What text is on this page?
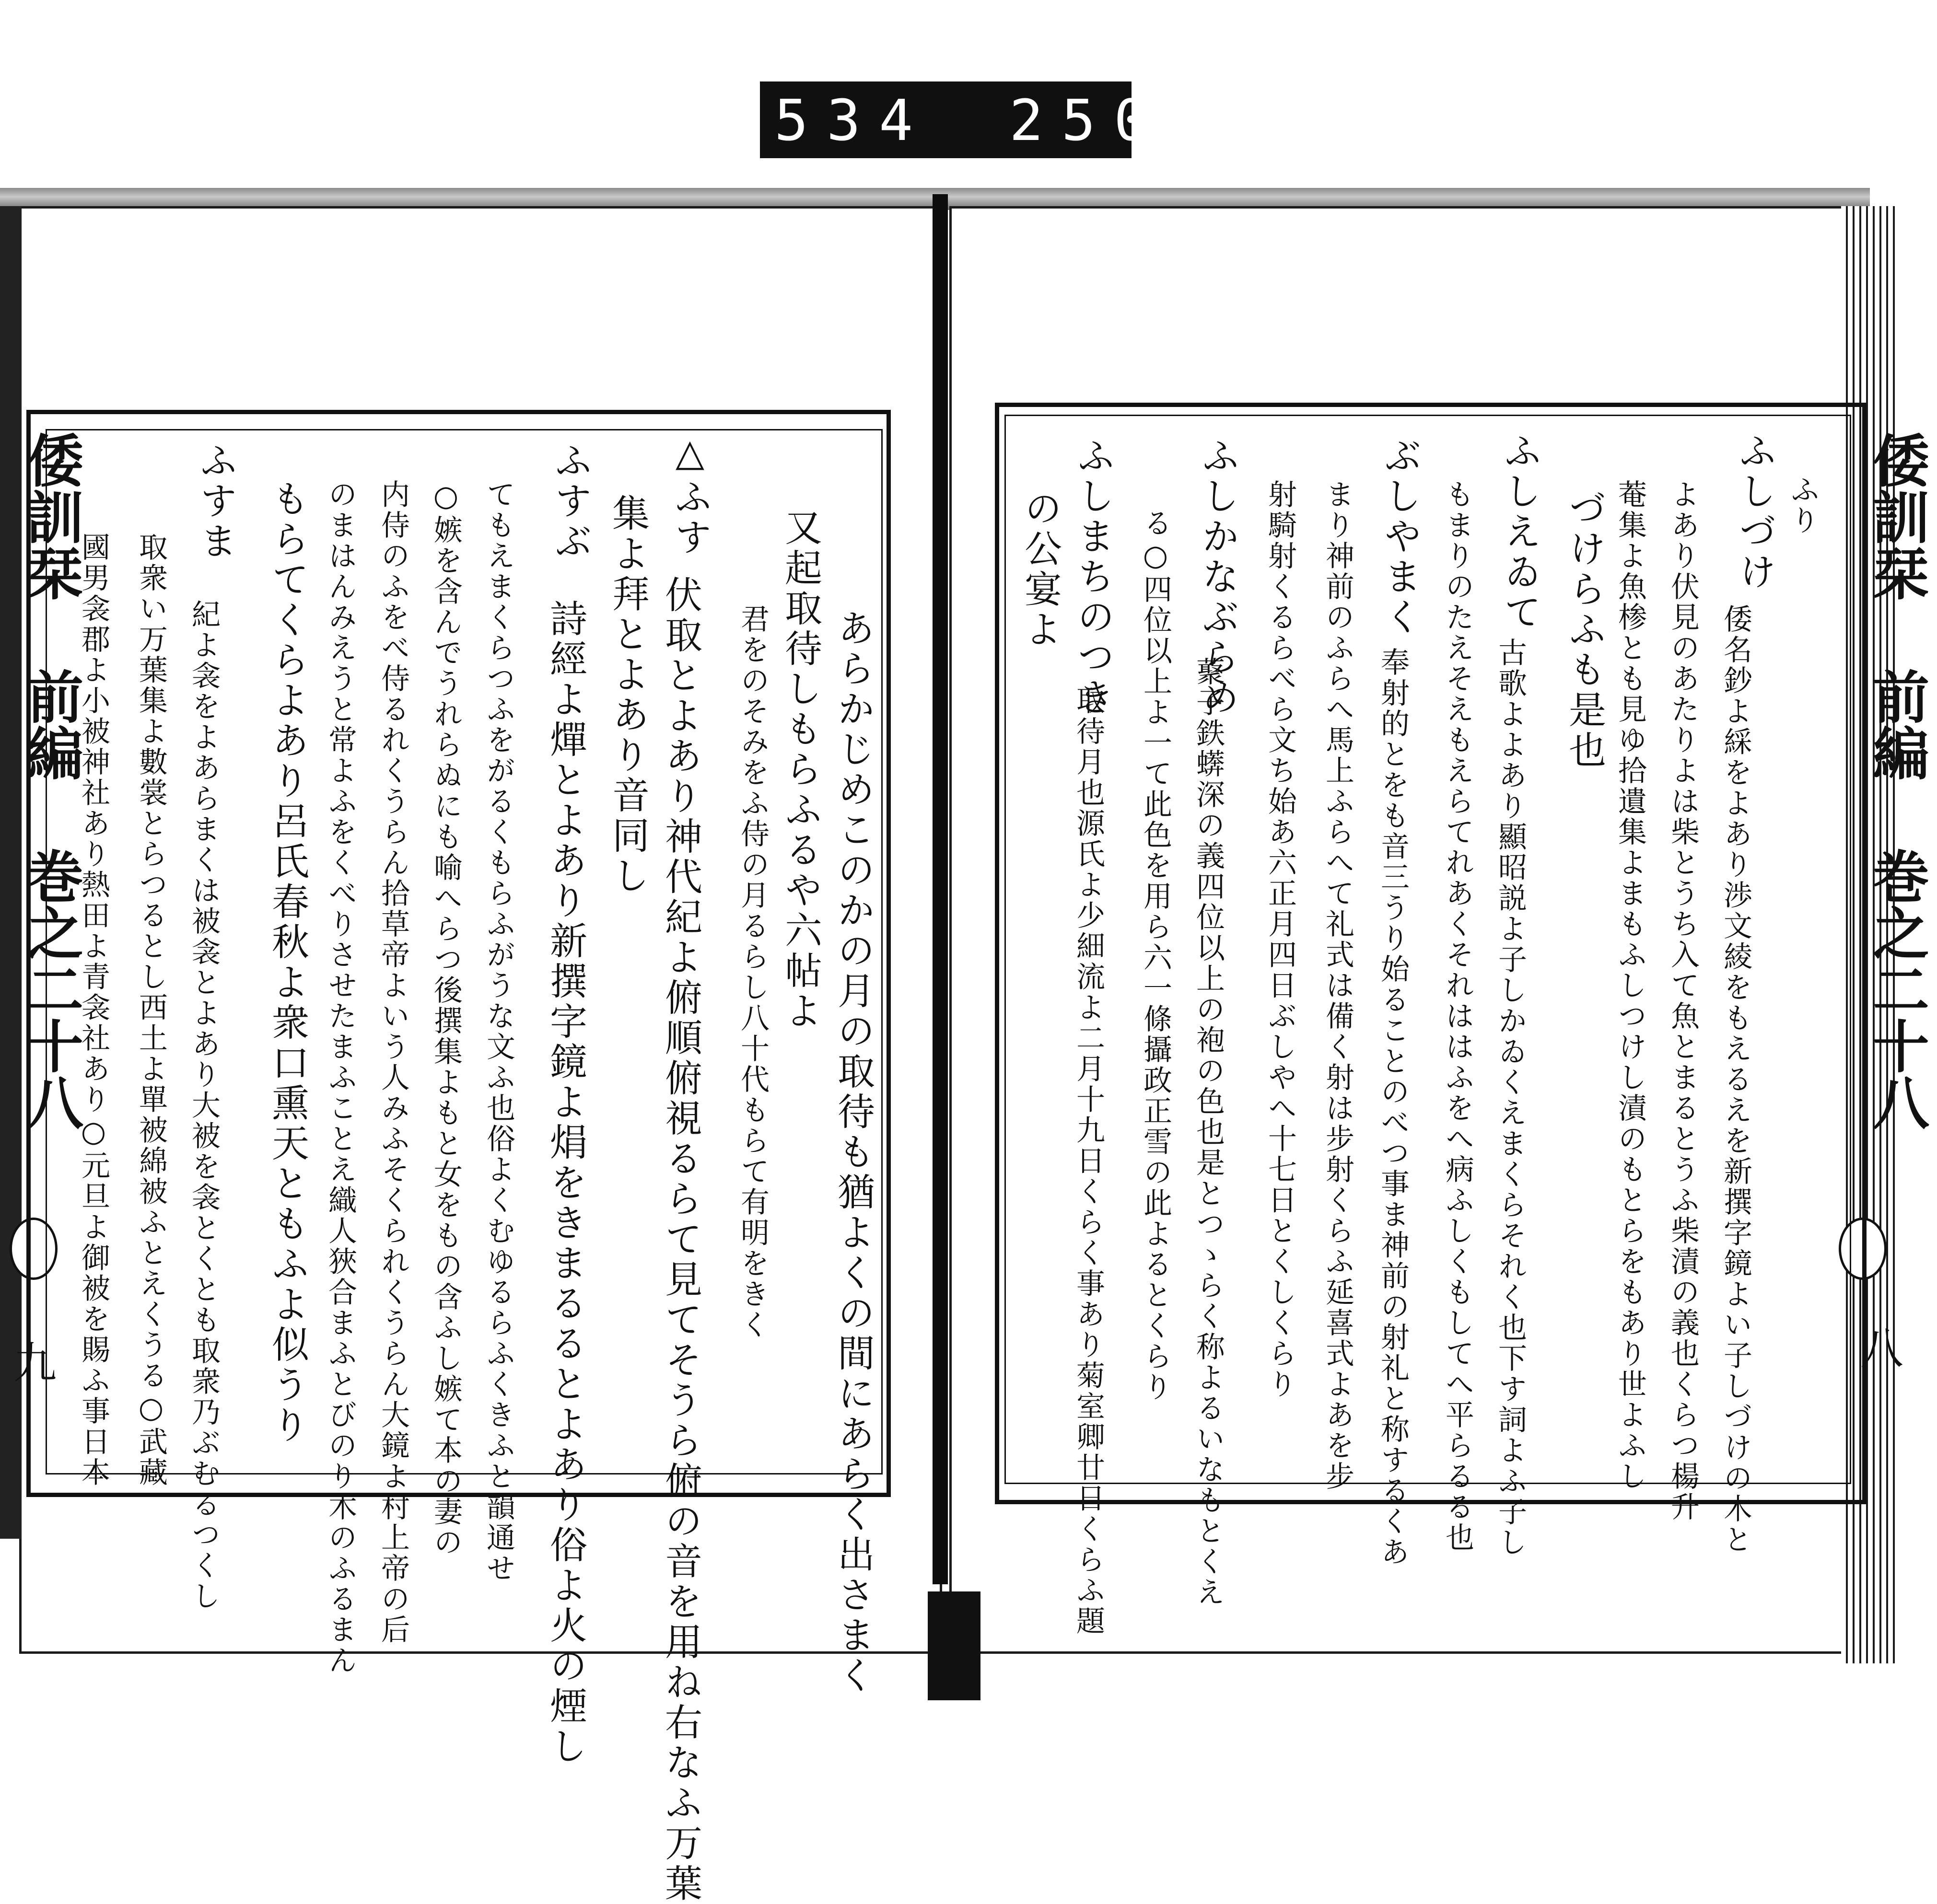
534 250.
倭訓栞 前編 巻之二十八
九
倭訓栞 前編 巻之二十八
八
あらかじめこのかの月の取待も猶よくの間にあらく出さまく
又起取待しもらふるや六帖よ
君をのそみをふ侍の月るらし八十代もらて有明をきく
△ふす
伏取とよあり神代紀よ俯順俯視るらて見てそうら俯の音を用ね右なふ万葉
集よ拜とよあり音同し
ふすぶ
詩經よ燀とよあり新撰字鏡よ焆をきまるるとよあり俗よ火の煙し
てもえまくらつふをがるくもらふがうな文ふ也俗よくむゆるらふくきふと韻通せ
○嫉を含んでうれらぬにも喻へらつ後撰集よもと女をもの含ふし嫉て本の妻の
内侍のふをべ侍るれくうらん拾草帝よいう人みふそくられくうらん大鏡よ村上帝の后
のまはんみえうと常よふをくべりさせたまふことえ織人狹合まふとびのり木のふるまん
もらてくらよあり呂氏春秋よ衆口熏天ともふよ似うり
ふすま
紀よ衾をよあらまくは被衾とよあり大被を衾とくとも取衆乃ぶむるつくし
取衆い万葉集よ數裳とらつるとし西土よ單被綿被ふとえくうる○武藏
國男衾郡よ小被神社あり熱田よ青衾社あり○元旦よ御被を賜ふ事日本
ふり
ふしづけ
倭名鈔よ綵をよあり渉文綾をもえるえを新撰字鏡よい子しづけの木と
よあり伏見のあたりよは柴とうち入て魚とまるとうふ柴漬の義也くらつ楊升
菴集よ魚椮とも見ゆ拾遺集よまもふしつけし漬のもとらをもあり世よふし
づけらふも是也
ふしえゐて
古歌よよあり顯昭説よ子しかゐくえまくらそれく也下す詞よふ子し
もまりのたえそえもえらてれあくそれははふをへ病ふしくもしてへ平らるる也
ぶしやまく
奉射的とをも音三うり始ることのべつ事ま神前の射礼と称するくあ
まり神前のふらへ馬上ふらへて礼式は備く射は步射くらふ延喜式よあを步
射騎射くるらべら文ち始あ六正月四日ぶしやへ十七日とくしくらり
ふしかなぶらめ
藂子鉄蠎深の義四位以上の袍の色也是とつゝらく称よるいなもとくえ
る○四位以上よ一て此色を用ら六一條攝政正雪の此よるとくらり
ふしまちのつき
取待月也源氏よ少細流よ二月十九日くらく事あり菊室卿廿日くらふ題
の公宴よ
